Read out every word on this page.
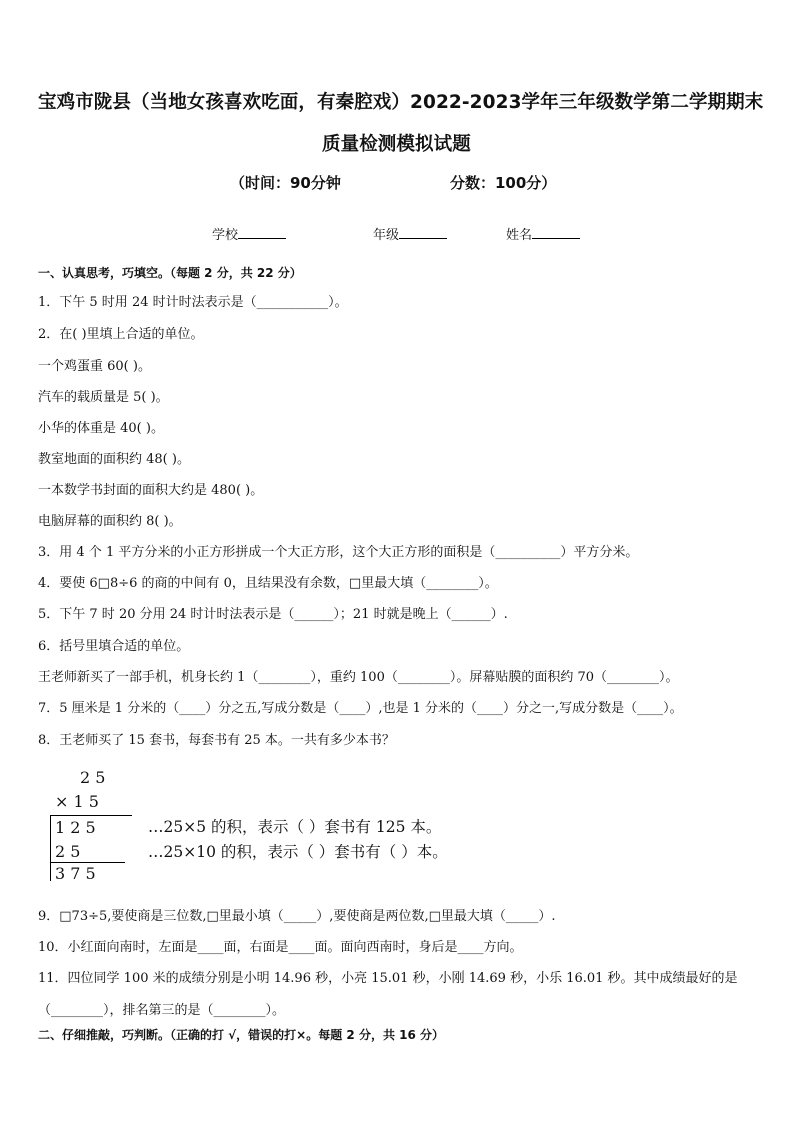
宝鸡市陇县（当地女孩喜欢吃面，有秦腔戏）2022-2023学年三年级数学第二学期期末
质量检测模拟试题
（时间：90分钟	分数：100分）
学校	年级	姓名
一、认真思考，巧填空。（每题 2 分，共 22 分）
1．下午 5 时用 24 时计时法表示是（___________）。
2．在( )里填上合适的单位。
一个鸡蛋重 60( )。
汽车的载质量是 5( )。
小华的体重是 40( )。
教室地面的面积约 48( )。
一本数学书封面的面积大约是 480( )。
电脑屏幕的面积约 8( )。
3．用 4 个 1 平方分米的小正方形拼成一个大正方形，这个大正方形的面积是（__________）平方分米。
4．要使 6□8÷6 的商的中间有 0，且结果没有余数，□里最大填（________）。
5．下午 7 时 20 分用 24 时计时法表示是（______）；21 时就是晚上（______）.
6．括号里填合适的单位。
王老师新买了一部手机，机身长约 1（________），重约 100（________）。屏幕贴膜的面积约 70（________）。
7．5 厘米是 1 分米的（____）分之五,写成分数是（____）,也是 1 分米的（____）分之一,写成分数是（____）。
8．王老师买了 15 套书，每套书有 25 本。一共有多少本书？
2 5
× 1 5
1 2 5
2 5
3 7 5
…25×5 的积，表示（ ）套书有 125 本。
…25×10 的积，表示（ ）套书有（ ）本。
9．□73÷5,要使商是三位数,□里最小填（_____）,要使商是两位数,□里最大填（_____）.
10．小红面向南时，左面是____面，右面是____面。面向西南时，身后是____方向。
11．四位同学 100 米的成绩分别是小明 14.96 秒，小亮 15.01 秒，小刚 14.69 秒，小乐 16.01 秒。其中成绩最好的是
（________），排名第三的是（________）。
二、仔细推敲，巧判断。（正确的打 √，错误的打×。每题 2 分，共 16 分）
